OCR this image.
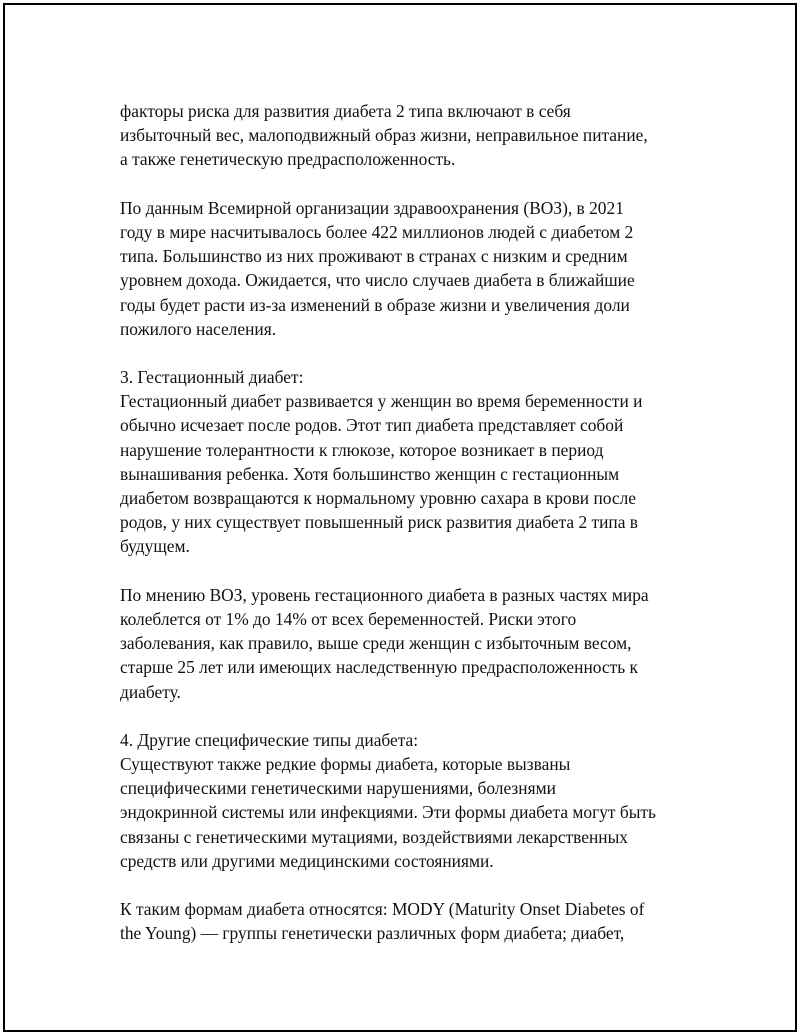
факторы риска для развития диабета 2 типа включают в себя
избыточный вес, малоподвижный образ жизни, неправильное питание,
а также генетическую предрасположенность.
По данным Всемирной организации здравоохранения (ВОЗ), в 2021
году в мире насчитывалось более 422 миллионов людей с диабетом 2
типа. Большинство из них проживают в странах с низким и средним
уровнем дохода. Ожидается, что число случаев диабета в ближайшие
годы будет расти из-за изменений в образе жизни и увеличения доли
пожилого населения.
3. Гестационный диабет:
Гестационный диабет развивается у женщин во время беременности и
обычно исчезает после родов. Этот тип диабета представляет собой
нарушение толерантности к глюкозе, которое возникает в период
вынашивания ребенка. Хотя большинство женщин с гестационным
диабетом возвращаются к нормальному уровню сахара в крови после
родов, у них существует повышенный риск развития диабета 2 типа в
будущем.
По мнению ВОЗ, уровень гестационного диабета в разных частях мира
колеблется от 1% до 14% от всех беременностей. Риски этого
заболевания, как правило, выше среди женщин с избыточным весом,
старше 25 лет или имеющих наследственную предрасположенность к
диабету.
4. Другие специфические типы диабета:
Существуют также редкие формы диабета, которые вызваны
специфическими генетическими нарушениями, болезнями
эндокринной системы или инфекциями. Эти формы диабета могут быть
связаны с генетическими мутациями, воздействиями лекарственных
средств или другими медицинскими состояниями.
К таким формам диабета относятся: MODY (Maturity Onset Diabetes of
the Young) — группы генетически различных форм диабета; диабет,
